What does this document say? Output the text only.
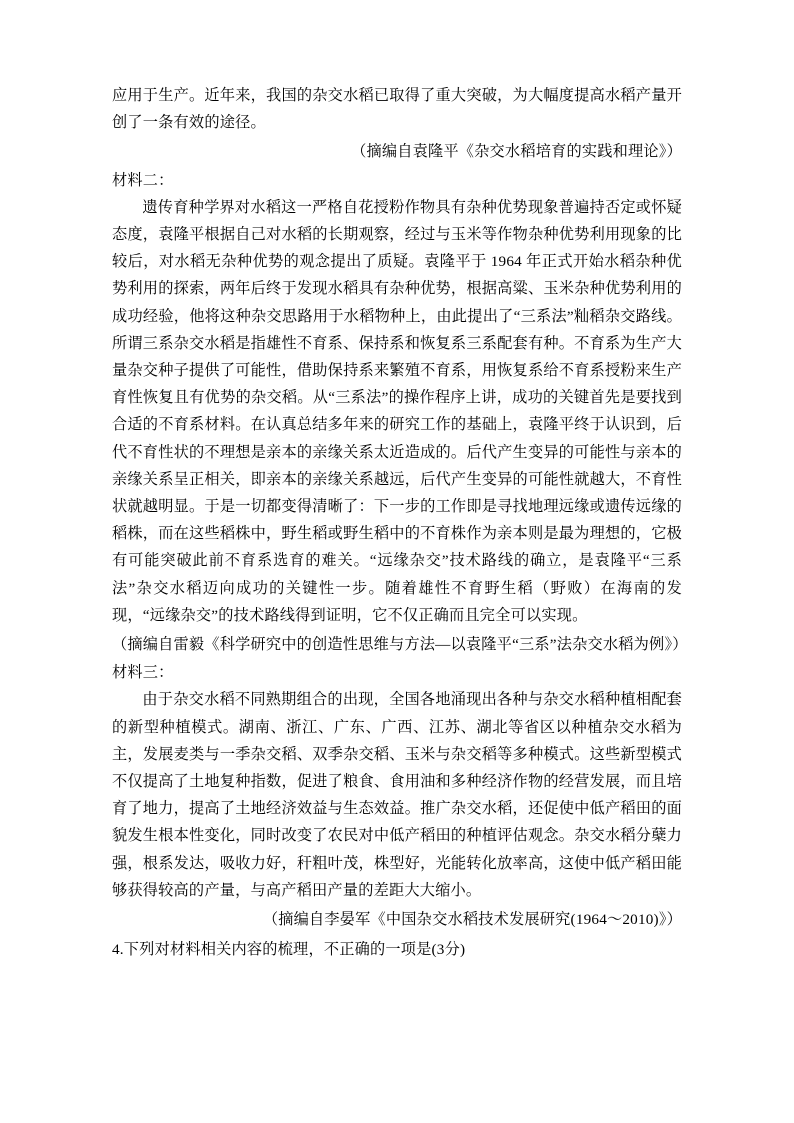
应用于生产。近年来，我国的杂交水稻已取得了重大突破，为大幅度提高水稻产量开创了一条有效的途径。

（摘编自袁隆平《杂交水稻培育的实践和理论》）

材料二：

遗传育种学界对水稻这一严格自花授粉作物具有杂种优势现象普遍持否定或怀疑态度，袁隆平根据自己对水稻的长期观察，经过与玉米等作物杂种优势利用现象的比较后，对水稻无杂种优势的观念提出了质疑。袁隆平于 1964 年正式开始水稻杂种优势利用的探索，两年后终于发现水稻具有杂种优势，根据高粱、玉米杂种优势利用的成功经验，他将这种杂交思路用于水稻物种上，由此提出了“三系法”籼稻杂交路线。所谓三系杂交水稻是指雄性不育系、保持系和恢复系三系配套有种。不育系为生产大量杂交种子提供了可能性，借助保持系来繁殖不育系，用恢复系给不育系授粉来生产育性恢复且有优势的杂交稻。从“三系法”的操作程序上讲，成功的关键首先是要找到合适的不育系材料。在认真总结多年来的研究工作的基础上，袁隆平终于认识到，后代不育性状的不理想是亲本的亲缘关系太近造成的。后代产生变异的可能性与亲本的亲缘关系呈正相关，即亲本的亲缘关系越远，后代产生变异的可能性就越大，不育性状就越明显。于是一切都变得清晰了：下一步的工作即是寻找地理远缘或遗传远缘的稻株，而在这些稻株中，野生稻或野生稻中的不育株作为亲本则是最为理想的，它极有可能突破此前不育系选育的难关。“远缘杂交”技术路线的确立，是袁隆平“三系法”杂交水稻迈向成功的关键性一步。随着雄性不育野生稻（野败）在海南的发现，“远缘杂交”的技术路线得到证明，它不仅正确而且完全可以实现。

（摘编自雷毅《科学研究中的创造性思维与方法—以袁隆平“三系”法杂交水稻为例》）

材料三：

由于杂交水稻不同熟期组合的出现，全国各地涌现出各种与杂交水稻种植相配套的新型种植模式。湖南、浙江、广东、广西、江苏、湖北等省区以种植杂交水稻为主，发展麦类与一季杂交稻、双季杂交稻、玉米与杂交稻等多种模式。这些新型模式不仅提高了土地复种指数，促进了粮食、食用油和多种经济作物的经营发展，而且培育了地力，提高了土地经济效益与生态效益。推广杂交水稻，还促使中低产稻田的面貌发生根本性变化，同时改变了农民对中低产稻田的种植评估观念。杂交水稻分蘖力强，根系发达，吸收力好，秆粗叶茂，株型好，光能转化放率高，这使中低产稻田能够获得较高的产量，与高产稻田产量的差距大大缩小。

（摘编自李晏军《中国杂交水稻技术发展研究(1964～2010)》）

4.下列对材料相关内容的梳理，不正确的一项是(3分)
